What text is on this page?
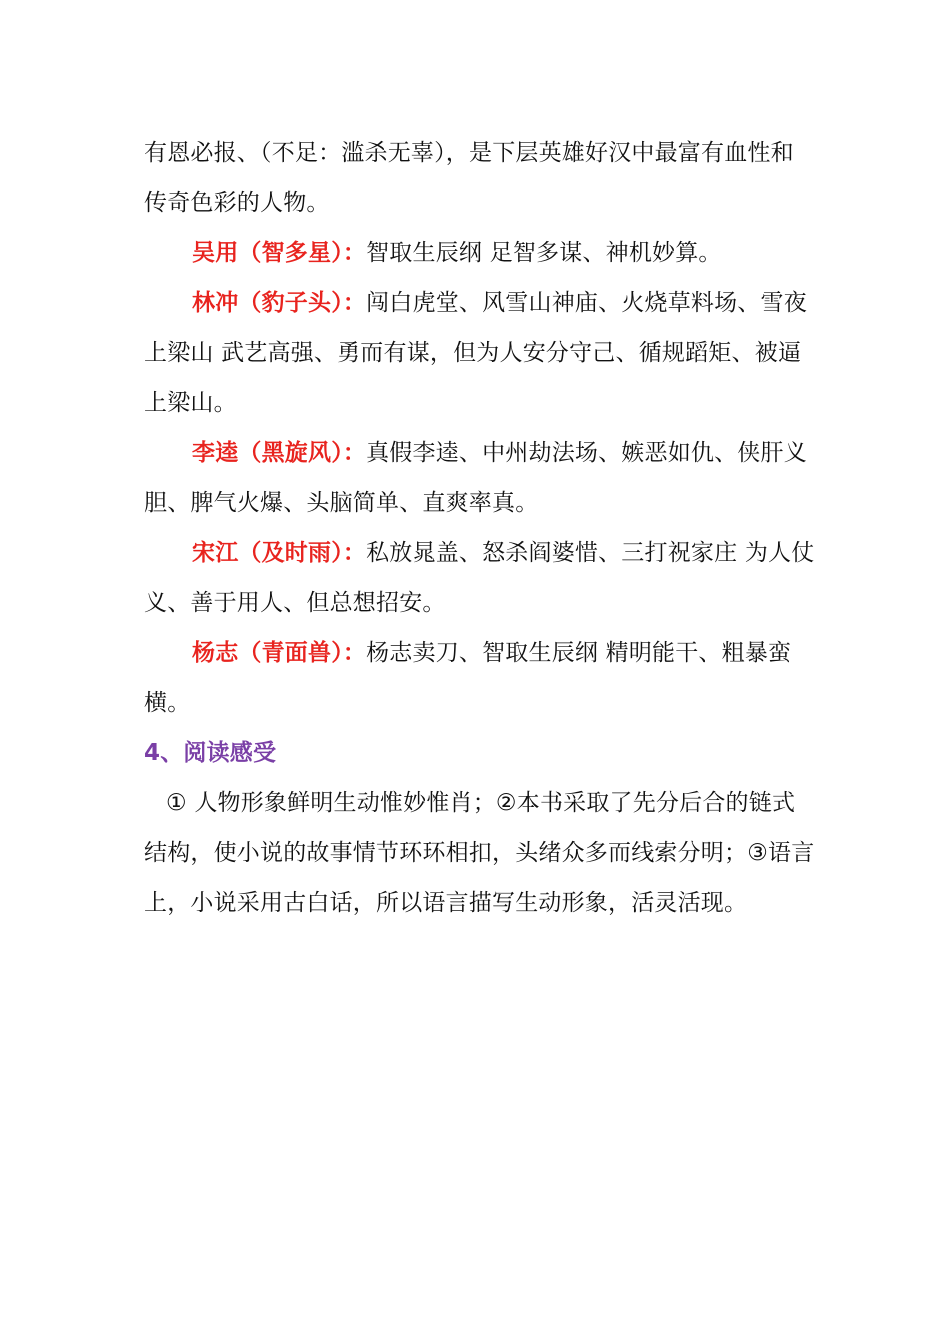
有恩必报、（不足：滥杀无辜），是下层英雄好汉中最富有血性和传奇色彩的人物。

吴用（智多星）：智取生辰纲 足智多谋、神机妙算。

林冲（豹子头）：闯白虎堂、风雪山神庙、火烧草料场、雪夜上梁山 武艺高强、勇而有谋，但为人安分守己、循规蹈矩、被逼上梁山。

李逵（黑旋风）：真假李逵、中州劫法场、嫉恶如仇、侠肝义胆、脾气火爆、头脑简单、直爽率真。

宋江（及时雨）：私放晁盖、怒杀阎婆惜、三打祝家庄 为人仗义、善于用人、但总想招安。

杨志（青面兽）：杨志卖刀、智取生辰纲 精明能干、粗暴蛮横。

4、阅读感受

① 人物形象鲜明生动惟妙惟肖；②本书采取了先分后合的链式结构，使小说的故事情节环环相扣，头绪众多而线索分明；③语言上，小说采用古白话，所以语言描写生动形象，活灵活现。
